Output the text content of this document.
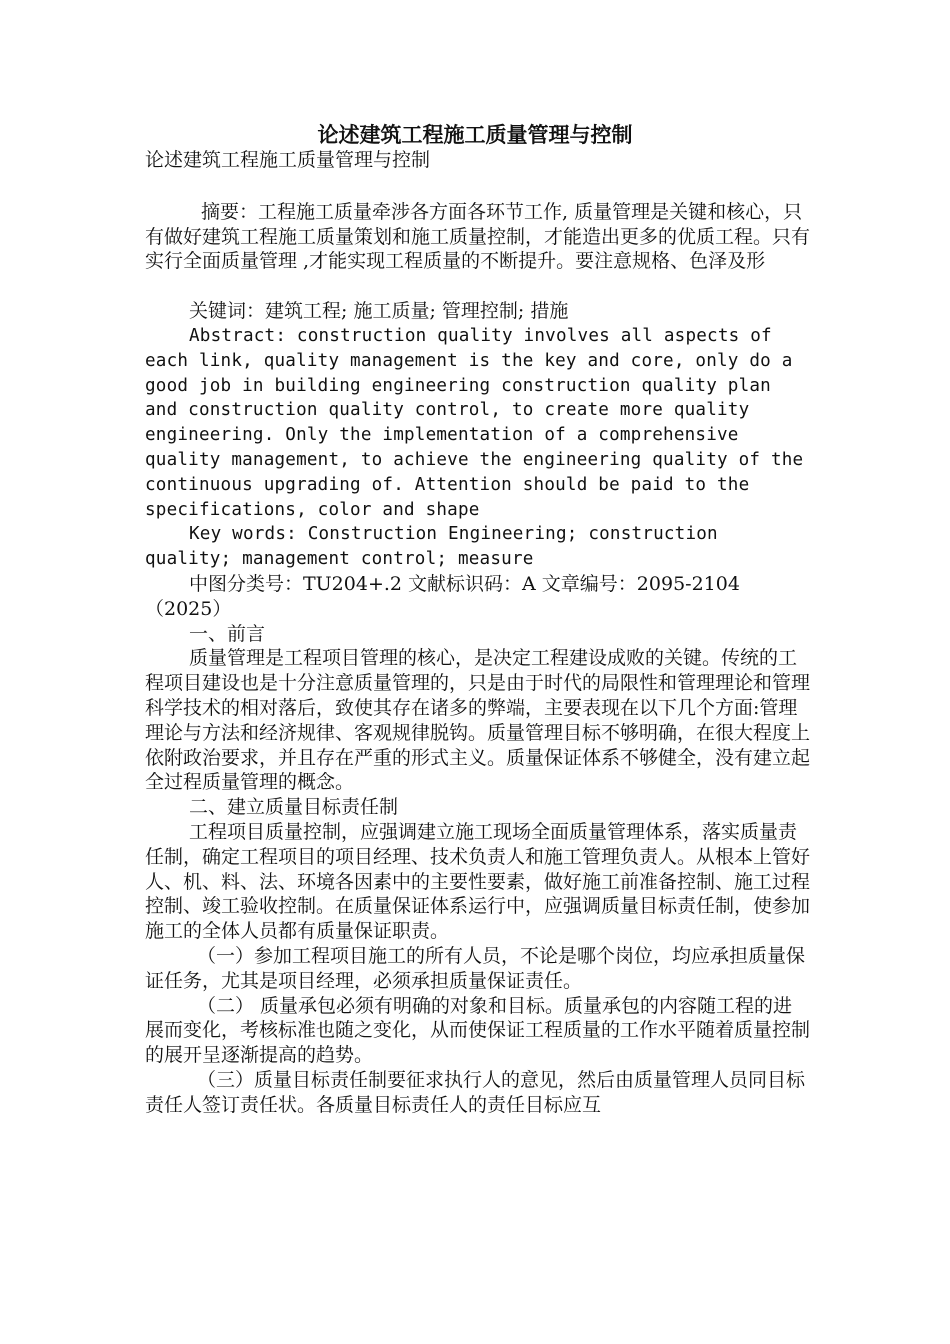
论述建筑工程施工质量管理与控制

论述建筑工程施工质量管理与控制

摘要：工程施工质量牵涉各方面各环节工作, 质量管理是关键和核心，只有做好建筑工程施工质量策划和施工质量控制，才能造出更多的优质工程。只有实行全面质量管理 ,才能实现工程质量的不断提升。要注意规格、色泽及形

关键词：建筑工程; 施工质量; 管理控制; 措施

Abstract: construction quality involves all aspects of each link, quality management is the key and core, only do a good job in building engineering construction quality plan and construction quality control, to create more quality engineering. Only the implementation of a comprehensive quality management, to achieve the engineering quality of the continuous upgrading of. Attention should be paid to the specifications, color and shape

Key words: Construction Engineering; construction quality; management control; measure

中图分类号：TU204+.2 文献标识码：A 文章编号：2095-2104（2025）

一、前言

质量管理是工程项目管理的核心，是决定工程建设成败的关键。传统的工程项目建设也是十分注意质量管理的，只是由于时代的局限性和管理理论和管理科学技术的相对落后，致使其存在诸多的弊端，主要表现在以下几个方面:管理理论与方法和经济规律、客观规律脱钩。质量管理目标不够明确，在很大程度上依附政治要求，并且存在严重的形式主义。质量保证体系不够健全，没有建立起全过程质量管理的概念。

二、建立质量目标责任制

工程项目质量控制，应强调建立施工现场全面质量管理体系，落实质量责任制，确定工程项目的项目经理、技术负责人和施工管理负责人。从根本上管好人、机、料、法、环境各因素中的主要性要素，做好施工前准备控制、施工过程控制、竣工验收控制。在质量保证体系运行中，应强调质量目标责任制，使参加施工的全体人员都有质量保证职责。

（一）参加工程项目施工的所有人员，不论是哪个岗位，均应承担质量保证任务，尤其是项目经理，必须承担质量保证责任。

（二） 质量承包必须有明确的对象和目标。质量承包的内容随工程的进展而变化，考核标准也随之变化，从而使保证工程质量的工作水平随着质量控制的展开呈逐渐提高的趋势。

（三）质量目标责任制要征求执行人的意见，然后由质量管理人员同目标责任人签订责任状。各质量目标责任人的责任目标应互
